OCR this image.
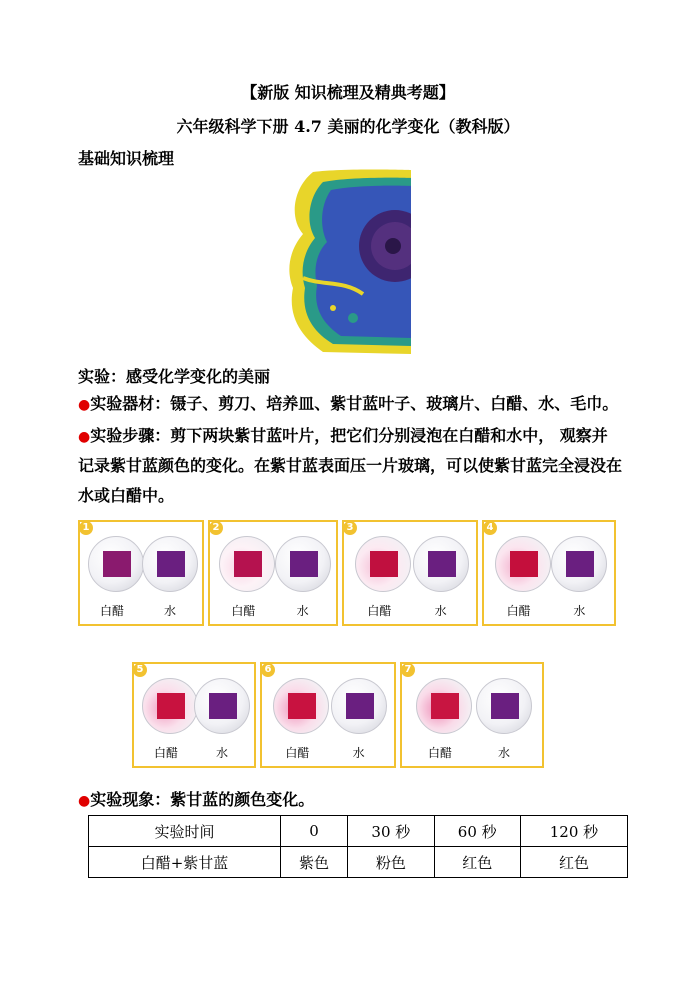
【新版 知识梳理及精典考题】
六年级科学下册 4.7 美丽的化学变化（教科版）
基础知识梳理
实验：感受化学变化的美丽
●实验器材：镊子、剪刀、培养皿、紫甘蓝叶子、玻璃片、白醋、水、毛巾。
●实验步骤：剪下两块紫甘蓝叶片，把它们分别浸泡在白醋和水中， 观察并
记录紫甘蓝颜色的变化。在紫甘蓝表面压一片玻璃，可以使紫甘蓝完全浸没在
水或白醋中。
1
白醋	水
2
白醋	水
3
白醋	水
4
白醋	水
5
白醋	水
6
白醋	水
7
白醋	水
●实验现象：紫甘蓝的颜色变化。
实验时间	0	30 秒	60 秒	120 秒
白醋+紫甘蓝	紫色	粉色	红色	红色
